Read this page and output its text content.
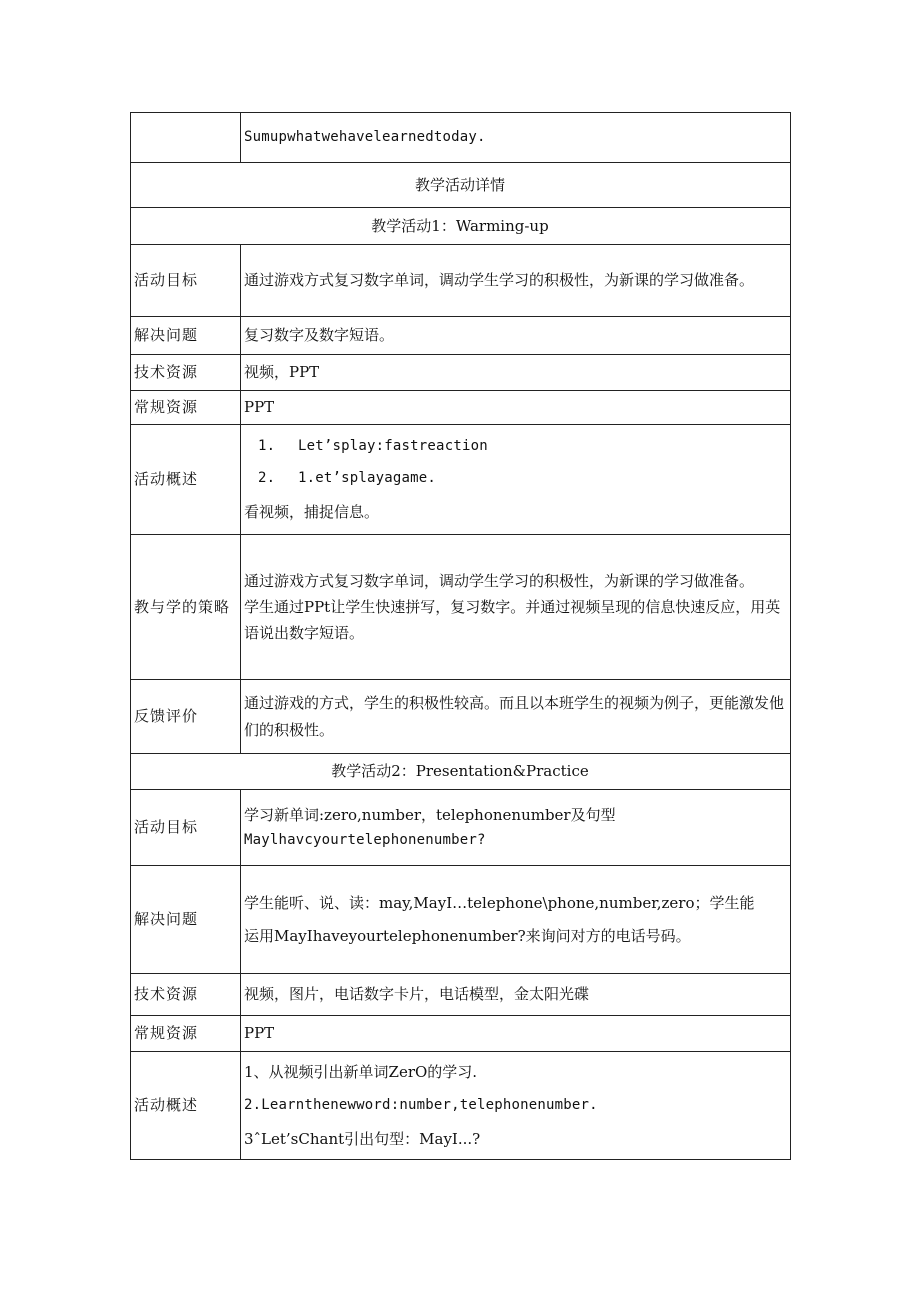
	Sumupwhatwehavelearnedtoday.
教学活动详情	
教学活动1：Warming-up	
活动目标	通过游戏方式复习数字单词，调动学生学习的积极性，为新课的学习做准备。
解决问题	复习数字及数字短语。
技术资源	视频，PPT
常规资源	PPT
活动概述	1. Let’splay:fastreaction
2. 1.et’splayagame.

看视频，捕捉信息。

教与学的策略	通过游戏方式复习数字单词，调动学生学习的积极性，为新课的学习做准备。

学生通过PPt让学生快速拼写，复习数字。并通过视频呈现的信息快速反应，用英语说出数字短语。

反馈评价	通过游戏的方式，学生的积极性较高。而且以本班学生的视频为例子，更能激发他们的积极性。
教学活动2：Presentation&Practice	
活动目标	学习新单词:zero,number，telephonenumber及句型

Maylhavcyourtelephonenumber?

解决问题	学生能听、说、读：may,MayI…telephone\phone,number,zero；学生能

运用MayIhaveyourtelephonenumber?来询问对方的电话号码。

技术资源	视频，图片，电话数字卡片，电话模型，金太阳光碟
常规资源	PPT
活动概述	1、从视频引出新单词ZerO的学习.

2.Learnthenewword:number,telephonenumber.

3ˆLet’sChant引出句型：MayI...?
